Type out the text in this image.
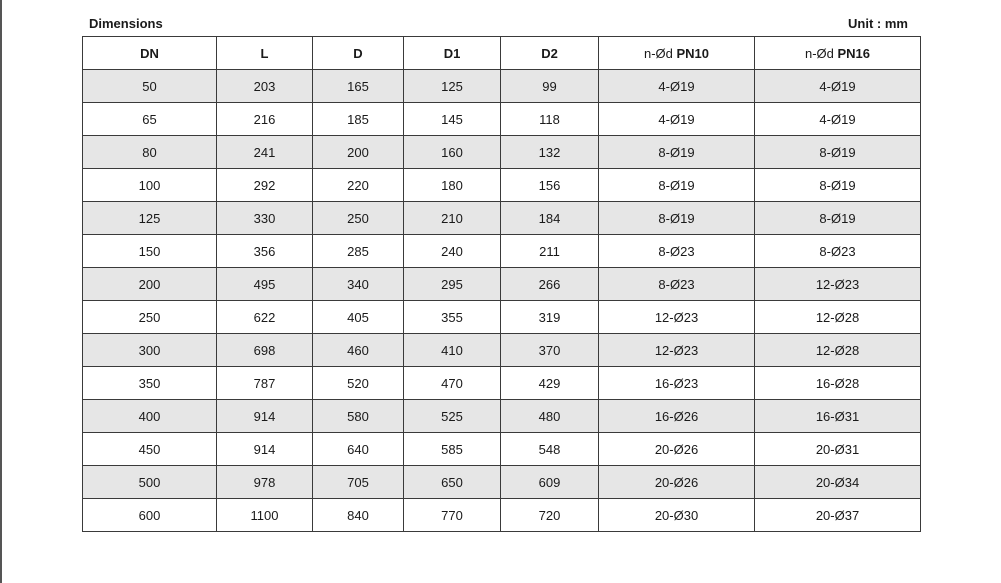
Dimensions	Unit : mm
DN	L	D	D1	D2	n-Ød PN10	n-Ød PN16
50	203	165	125	99	4-Ø19	4-Ø19
65	216	185	145	118	4-Ø19	4-Ø19
80	241	200	160	132	8-Ø19	8-Ø19
100	292	220	180	156	8-Ø19	8-Ø19
125	330	250	210	184	8-Ø19	8-Ø19
150	356	285	240	211	8-Ø23	8-Ø23
200	495	340	295	266	8-Ø23	12-Ø23
250	622	405	355	319	12-Ø23	12-Ø28
300	698	460	410	370	12-Ø23	12-Ø28
350	787	520	470	429	16-Ø23	16-Ø28
400	914	580	525	480	16-Ø26	16-Ø31
450	914	640	585	548	20-Ø26	20-Ø31
500	978	705	650	609	20-Ø26	20-Ø34
600	1100	840	770	720	20-Ø30	20-Ø37
